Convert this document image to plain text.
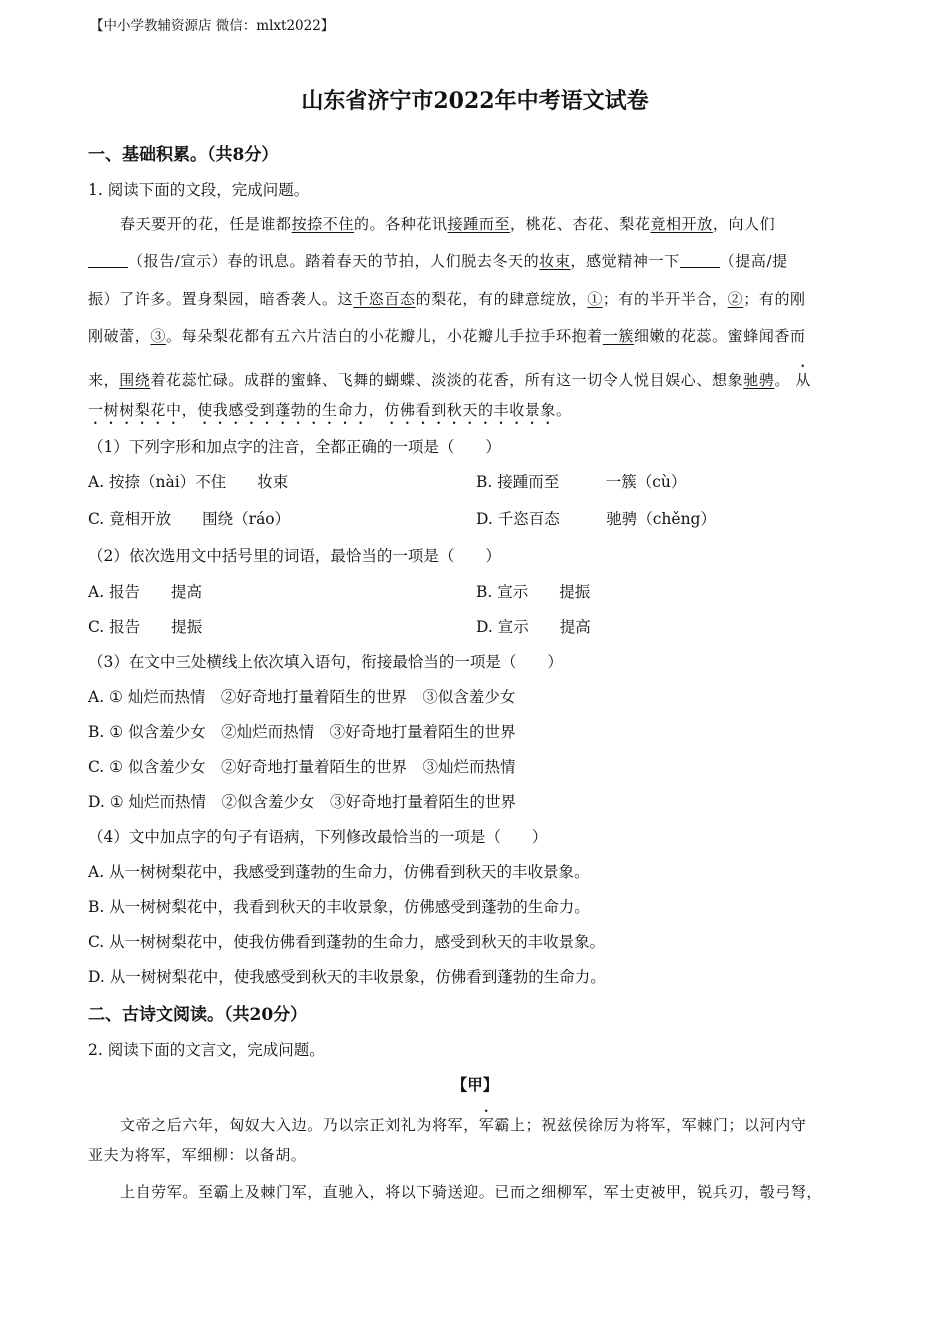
【中小学教辅资源店 微信：mlxt2022】
山东省济宁市2022年中考语文试卷
一、基础积累。（共8分）
1. 阅读下面的文段，完成问题。
春天要开的花，任是谁都按捺不住的。各种花讯接踵而至，桃花、杏花、梨花竟相开放，向人们
（报告/宣示）春的讯息。踏着春天的节拍，人们脱去冬天的妆束，感觉精神一下	（提高/提
振）了许多。置身梨园，暗香袭人。这千恣百态的梨花，有的肆意绽放，①；有的半开半合，②；有的刚
刚破蕾，③。每朵梨花都有五六片洁白的小花瓣儿，小花瓣儿手拉手环抱着一簇细嫩的花蕊。蜜蜂闻香而
来，围绕着花蕊忙碌。成群的蜜蜂、飞舞的蝴蝶、淡淡的花香，所有这一切令人悦目娱心、想象驰骋。 从
一树树梨花中，使我感受到蓬勃的生命力，仿佛看到秋天的丰收景象。
（1）下列字形和加点字的注音，全都正确的一项是（　　）
A. 按捺（nài）不住　　妆束	B. 接踵而至　　　一簇（cù）
C. 竟相开放　　围绕（ráo）	D. 千恣百态　　　驰骋（chěng）
（2）依次选用文中括号里的词语，最恰当的一项是（　　）
A. 报告　　提高	B. 宣示　　提振
C. 报告　　提振	D. 宣示　　提高
（3）在文中三处横线上依次填入语句，衔接最恰当的一项是（　　）
A. ① 灿烂而热情　②好奇地打量着陌生的世界　③似含羞少女
B. ① 似含羞少女　②灿烂而热情　③好奇地打量着陌生的世界
C. ① 似含羞少女　②好奇地打量着陌生的世界　③灿烂而热情
D. ① 灿烂而热情　②似含羞少女　③好奇地打量着陌生的世界
（4）文中加点字的句子有语病，下列修改最恰当的一项是（　　）
A. 从一树树梨花中，我感受到蓬勃的生命力，仿佛看到秋天的丰收景象。
B. 从一树树梨花中，我看到秋天的丰收景象，仿佛感受到蓬勃的生命力。
C. 从一树树梨花中，使我仿佛看到蓬勃的生命力，感受到秋天的丰收景象。
D. 从一树树梨花中，使我感受到秋天的丰收景象，仿佛看到蓬勃的生命力。
二、古诗文阅读。（共20分）
2. 阅读下面的文言文，完成问题。
【甲】
文帝之后六年，匈奴大入边。乃以宗正刘礼为将军，军霸上；祝兹侯徐厉为将军，军棘门；以河内守
亚夫为将军，军细柳：以备胡。
上自劳军。至霸上及棘门军，直驰入，将以下骑送迎。已而之细柳军，军士吏被甲，锐兵刃，彀弓弩，
